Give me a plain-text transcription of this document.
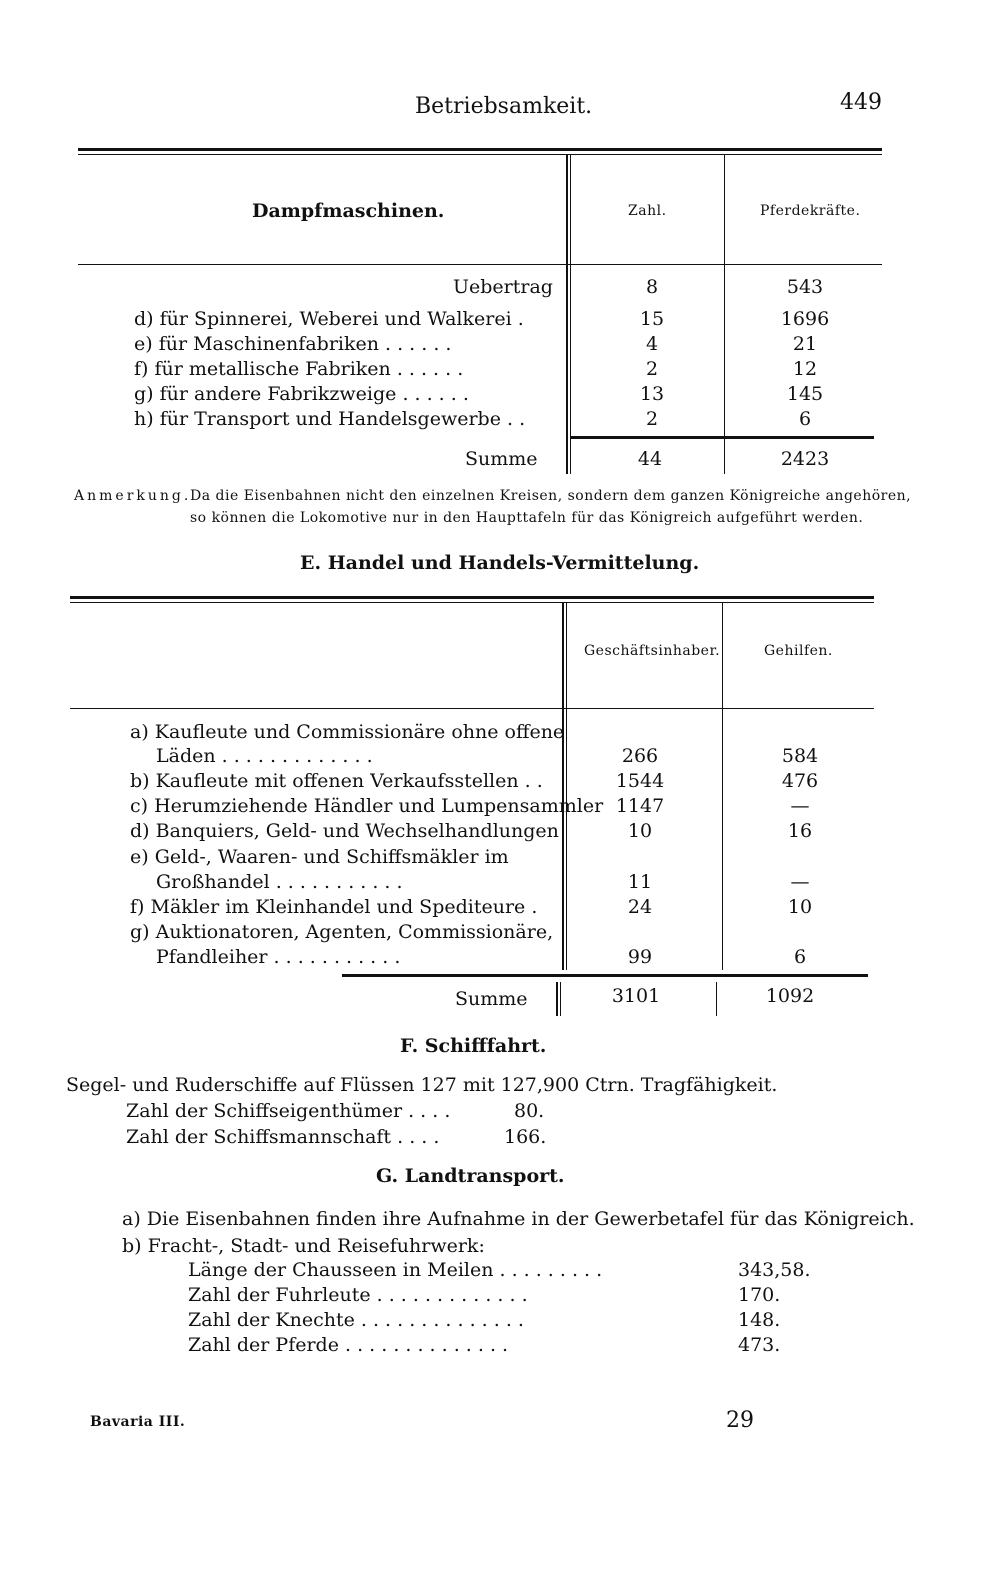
Betriebsamkeit.	449
Dampfmaschinen.	Zahl.	Pferdekräfte.
Uebertrag	8	543
d) für Spinnerei, Weberei und Walkerei .	15	1696
e) für Maschinenfabriken . . . . . .	4	21
f) für metallische Fabriken . . . . . .	2	12
g) für andere Fabrikzweige . . . . . .	13	145
h) für Transport und Handelsgewerbe . .	2	6
Summe	44	2423
Anmerkung.
Da die Eisenbahnen nicht den einzelnen Kreisen, sondern dem ganzen Königreiche angehören,
so können die Lokomotive nur in den Haupttafeln für das Königreich aufgeführt werden.
E. Handel und Handels-Vermittelung.
Geschäftsinhaber.	Gehilfen.
a) Kaufleute und Commissionäre ohne offene
Läden . . . . . . . . . . . . .	266	584
b) Kaufleute mit offenen Verkaufsstellen . .	1544	476
c) Herumziehende Händler und Lumpensammler 1147	—
d) Banquiers, Geld- und Wechselhandlungen	10	16
e) Geld-, Waaren- und Schiffsmäkler im
Großhandel . . . . . . . . . . .	11	—
f) Mäkler im Kleinhandel und Spediteure .	24	10
g) Auktionatoren, Agenten, Commissionäre,
Pfandleiher . . . . . . . . . . .	99	6
Summe	3101	1092
F. Schifffahrt.
Segel- und Ruderschiffe auf Flüssen 127 mit 127,900 Ctrn. Tragfähigkeit.
Zahl der Schiffseigenthümer . . . .	80.
Zahl der Schiffsmannschaft . . . .	166.
G. Landtransport.
a) Die Eisenbahnen finden ihre Aufnahme in der Gewerbetafel für das Königreich.
b) Fracht-, Stadt- und Reisefuhrwerk:
Länge der Chausseen in Meilen . . . . . . . . .	343,58.
Zahl der Fuhrleute . . . . . . . . . . . . .	170.
Zahl der Knechte . . . . . . . . . . . . . .	148.
Zahl der Pferde . . . . . . . . . . . . . .	473.
Bavaria III.	29
